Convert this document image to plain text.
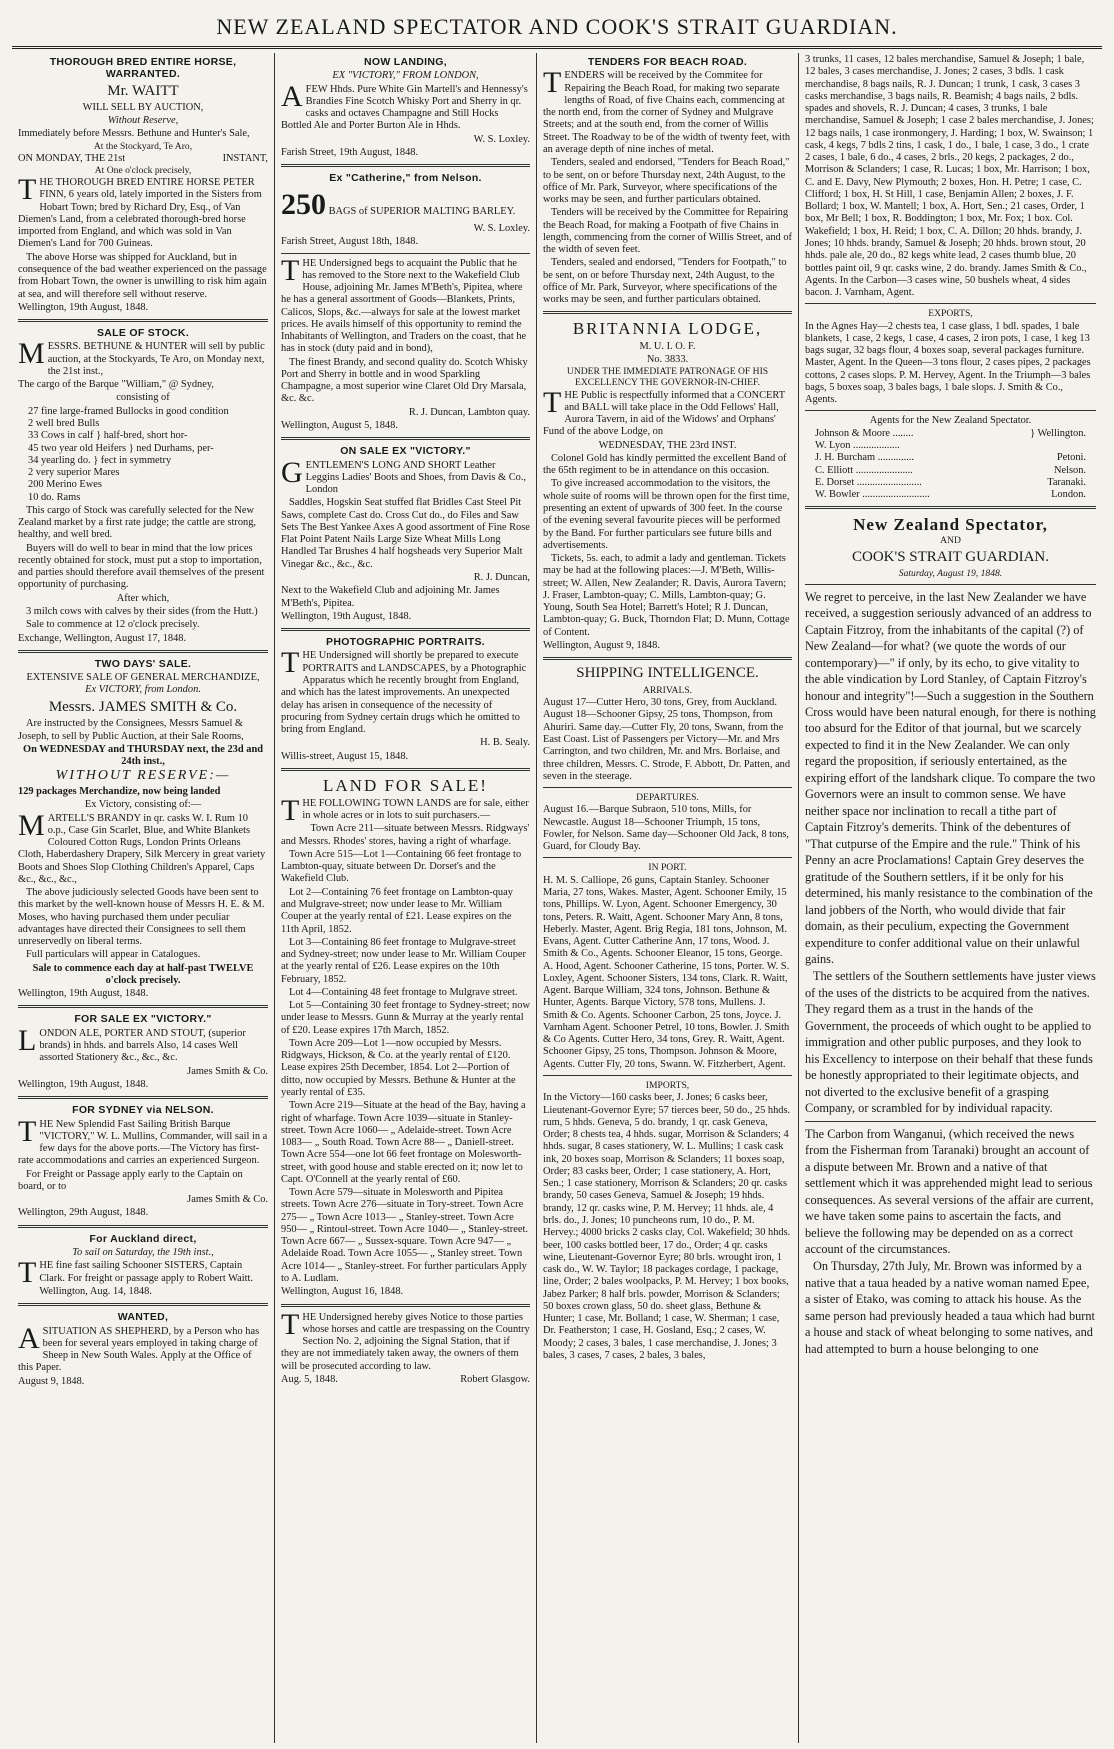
NEW ZEALAND SPECTATOR AND COOK'S STRAIT GUARDIAN.
THOROUGH BRED ENTIRE HORSE, WARRANTED.
Mr. WAITT
WILL SELL BY AUCTION,
Without Reserve,

Immediately before Messrs. Bethune and Hunter's Sale,

At the Stockyard, Te Aro,
ON MONDAY, THE 21st	INSTANT,
At One o'clock precisely,

THE THOROUGH BRED ENTIRE HORSE PETER FINN, 6 years old, lately imported in the Sisters from Hobart Town; bred by Richard Dry, Esq., of Van Diemen's Land, from a celebrated thorough-bred horse imported from England, and which was sold in Van Diemen's Land for 700 Guineas.

The above Horse was shipped for Auckland, but in consequence of the bad weather experienced on the passage from Hobart Town, the owner is unwilling to risk him again at sea, and will therefore sell without reserve.

Wellington, 19th August, 1848.

SALE OF STOCK.

MESSRS. BETHUNE & HUNTER will sell by public auction, at the Stockyards, Te Aro, on Monday next, the 21st inst.,

The cargo of the Barque "William," @ Sydney,

consisting of
27 fine large-framed Bullocks in good condition
2 well bred Bulls
33 Cows in calf } half-bred, short hor-
45 two year old Heifers } ned Durhams, per-
34 yearling do. } fect in symmetry
2 very superior Mares
200 Merino Ewes
10 do. Rams

This cargo of Stock was carefully selected for the New Zealand market by a first rate judge; the cattle are strong, healthy, and well bred.

Buyers will do well to bear in mind that the low prices recently obtained for stock, must put a stop to importation, and parties should therefore avail themselves of the present opportunity of purchasing.

After which,

3 milch cows with calves by their sides (from the Hutt.)

Sale to commence at 12 o'clock precisely.

Exchange, Wellington, August 17, 1848.

TWO DAYS' SALE.
EXTENSIVE SALE OF GENERAL MERCHANDIZE,
Ex VICTORY, from London.
Messrs. JAMES SMITH & Co.

Are instructed by the Consignees, Messrs Samuel & Joseph, to sell by Public Auction, at their Sale Rooms,

On WEDNESDAY and THURSDAY next, the 23d and 24th inst.,
WITHOUT RESERVE:—

129 packages Merchandize, now being landed

Ex Victory, consisting of:—

MARTELL'S BRANDY in qr. casks W. I. Rum 10 o.p., Case Gin Scarlet, Blue, and White Blankets Coloured Cotton Rugs, London Prints Orleans Cloth, Haberdashery Drapery, Silk Mercery in great variety Boots and Shoes Slop Clothing Children's Apparel, Caps &c., &c., &c.,

The above judiciously selected Goods have been sent to this market by the well-known house of Messrs H. E. & M. Moses, who having purchased them under peculiar advantages have directed their Consignees to sell them unreservedly on liberal terms.

Full particulars will appear in Catalogues.

Sale to commence each day at half-past TWELVE o'clock precisely.

Wellington, 19th August, 1848.

FOR SALE EX "VICTORY."

LONDON ALE, PORTER AND STOUT, (superior brands) in hhds. and barrels Also, 14 cases Well assorted Stationery &c., &c., &c.

James Smith & Co.

Wellington, 19th August, 1848.

FOR SYDNEY via NELSON.

THE New Splendid Fast Sailing British Barque "VICTORY," W. L. Mullins, Commander, will sail in a few days for the above ports.—The Victory has first-rate accommodations and carries an experienced Surgeon.

For Freight or Passage apply early to the Captain on board, or to

James Smith & Co.

Wellington, 29th August, 1848.

For Auckland direct,
To sail on Saturday, the 19th inst.,

THE fine fast sailing Schooner SISTERS, Captain Clark. For freight or passage apply to Robert Waitt.

Wellington, Aug. 14, 1848.

WANTED,

ASITUATION AS SHEPHERD, by a Person who has been for several years employed in taking charge of Sheep in New South Wales. Apply at the Office of this Paper.

August 9, 1848.

NOW LANDING,
EX "VICTORY," FROM LONDON,

AFEW Hhds. Pure White Gin Martell's and Hennessy's Brandies Fine Scotch Whisky Port and Sherry in qr. casks and octaves Champagne and Still Hocks Bottled Ale and Porter Burton Ale in Hhds.

W. S. Loxley.

Farish Street, 19th August, 1848.

Ex "Catherine," from Nelson.

250 BAGS of SUPERIOR MALTING BARLEY.

W. S. Loxley.

Farish Street, August 18th, 1848.

THE Undersigned begs to acquaint the Public that he has removed to the Store next to the Wakefield Club House, adjoining Mr. James M'Beth's, Pipitea, where he has a general assortment of Goods—Blankets, Prints, Calicos, Slops, &c.—always for sale at the lowest market prices. He avails himself of this opportunity to remind the Inhabitants of Wellington, and Traders on the coast, that he has in stock (duty paid and in bond),

The finest Brandy, and second quality do. Scotch Whisky Port and Sherry in bottle and in wood Sparkling Champagne, a most superior wine Claret Old Dry Marsala, &c. &c.

R. J. Duncan, Lambton quay.

Wellington, August 5, 1848.

ON SALE EX "VICTORY."

GENTLEMEN'S LONG AND SHORT Leather Leggins Ladies' Boots and Shoes, from Davis & Co., London

Saddles, Hogskin Seat stuffed flat Bridles Cast Steel Pit Saws, complete Cast do. Cross Cut do., do Files and Saw Sets The Best Yankee Axes A good assortment of Fine Rose Flat Point Patent Nails Large Size Wheat Mills Long Handled Tar Brushes 4 half hogsheads very Superior Malt Vinegar &c., &c., &c.

R. J. Duncan,

Next to the Wakefield Club and adjoining Mr. James M'Beth's, Pipitea.

Wellington, 19th August, 1848.

PHOTOGRAPHIC PORTRAITS.

THE Undersigned will shortly be prepared to execute PORTRAITS and LANDSCAPES, by a Photographic Apparatus which he recently brought from England, and which has the latest improvements. An unexpected delay has arisen in consequence of the necessity of procuring from Sydney certain drugs which he omitted to bring from England.

H. B. Sealy.

Willis-street, August 15, 1848.

LAND FOR SALE!

THE FOLLOWING TOWN LANDS are for sale, either in whole acres or in lots to suit purchasers.—

Town Acre 211—situate between Messrs. Ridgways' and Messrs. Rhodes' stores, having a right of wharfage.

Town Acre 515—Lot 1—Containing 66 feet frontage to Lambton-quay, situate between Dr. Dorset's and the Wakefield Club.

Lot 2—Containing 76 feet frontage on Lambton-quay and Mulgrave-street; now under lease to Mr. William Couper at the yearly rental of £21. Lease expires on the 11th April, 1852.

Lot 3—Containing 86 feet frontage to Mulgrave-street and Sydney-street; now under lease to Mr. William Couper at the yearly rental of £26. Lease expires on the 10th February, 1852.

Lot 4—Containing 48 feet frontage to Mulgrave street.

Lot 5—Containing 30 feet frontage to Sydney-street; now under lease to Messrs. Gunn & Murray at the yearly rental of £20. Lease expires 17th March, 1852.

Town Acre 209—Lot 1—now occupied by Messrs. Ridgways, Hickson, & Co. at the yearly rental of £120. Lease expires 25th December, 1854. Lot 2—Portion of ditto, now occupied by Messrs. Bethune & Hunter at the yearly rental of £35.

Town Acre 219—Situate at the head of the Bay, having a right of wharfage. Town Acre 1039—situate in Stanley-street. Town Acre 1060— „ Adelaide-street. Town Acre 1083— „ South Road. Town Acre 88— „ Daniell-street. Town Acre 554—one lot 66 feet frontage on Molesworth-street, with good house and stable erected on it; now let to Capt. O'Connell at the yearly rental of £60.

Town Acre 579—situate in Molesworth and Pipitea streets. Town Acre 276—situate in Tory-street. Town Acre 275— „ Town Acre 1013— „ Stanley-street. Town Acre 950— „ Rintoul-street. Town Acre 1040— „ Stanley-street. Town Acre 667— „ Sussex-square. Town Acre 947— „ Adelaide Road. Town Acre 1055— „ Stanley street. Town Acre 1014— „ Stanley-street. For further particulars Apply to A. Ludlam.

Wellington, August 16, 1848.

THE Undersigned hereby gives Notice to those parties whose horses and cattle are trespassing on the Country Section No. 2, adjoining the Signal Station, that if they are not immediately taken away, the owners of them will be prosecuted according to law.

Aug. 5, 1848.	Robert Glasgow.
TENDERS FOR BEACH ROAD.

TENDERS will be received by the Commitee for Repairing the Beach Road, for making two separate lengths of Road, of five Chains each, commencing at the north end, from the corner of Sydney and Mulgrave Streets; and at the south end, from the corner of Willis Street. The Roadway to be of the width of twenty feet, with an average depth of nine inches of metal.

Tenders, sealed and endorsed, "Tenders for Beach Road," to be sent, on or before Thursday next, 24th August, to the office of Mr. Park, Surveyor, where specifications of the works may be seen, and further particulars obtained.

Tenders will be received by the Committee for Repairing the Beach Road, for making a Footpath of five Chains in length, commencing from the corner of Willis Street, and of the width of seven feet.

Tenders, sealed and endorsed, "Tenders for Footpath," to be sent, on or before Thursday next, 24th August, to the office of Mr. Park, Surveyor, where specifications of the works may be seen, and further particulars obtained.

BRITANNIA LODGE,
M. U. I. O. F.
No. 3833.
UNDER THE IMMEDIATE PATRONAGE OF HIS EXCELLENCY THE GOVERNOR-IN-CHIEF.

THE Public is respectfully informed that a CONCERT and BALL will take place in the Odd Fellows' Hall, Aurora Tavern, in aid of the Widows' and Orphans' Fund of the above Lodge, on

WEDNESDAY, THE 23rd INST.

Colonel Gold has kindly permitted the excellent Band of the 65th regiment to be in attendance on this occasion.

To give increased accommodation to the visitors, the whole suite of rooms will be thrown open for the first time, presenting an extent of upwards of 300 feet. In the course of the evening several favourite pieces will be performed by the Band. For further particulars see future bills and advertisements.

Tickets, 5s. each, to admit a lady and gentleman. Tickets may be had at the following places:—J. M'Beth, Willis-street; W. Allen, New Zealander; R. Davis, Aurora Tavern; J. Fraser, Lambton-quay; C. Mills, Lambton-quay; G. Young, South Sea Hotel; Barrett's Hotel; R J. Duncan, Lambton-quay; G. Buck, Thorndon Flat; D. Munn, Cottage of Content.

Wellington, August 9, 1848.

SHIPPING INTELLIGENCE.
ARRIVALS.

August 17—Cutter Hero, 30 tons, Grey, from Auckland. August 18—Schooner Gipsy, 25 tons, Thompson, from Ahuriri. Same day.—Cutter Fly, 20 tons, Swann, from the East Coast. List of Passengers per Victory—Mr. and Mrs Carrington, and two children, Mr. and Mrs. Borlaise, and three children, Messrs. C. Strode, F. Abbott, Dr. Patten, and seven in the steerage.

DEPARTURES.

August 16.—Barque Subraon, 510 tons, Mills, for Newcastle. August 18—Schooner Triumph, 15 tons, Fowler, for Nelson. Same day—Schooner Old Jack, 8 tons, Guard, for Cloudy Bay.

IN PORT.

H. M. S. Calliope, 26 guns, Captain Stanley. Schooner Maria, 27 tons, Wakes. Master, Agent. Schooner Emily, 15 tons, Phillips. W. Lyon, Agent. Schooner Emergency, 30 tons, Peters. R. Waitt, Agent. Schooner Mary Ann, 8 tons, Heberly. Master, Agent. Brig Regia, 181 tons, Johnson, M. Evans, Agent. Cutter Catherine Ann, 17 tons, Wood. J. Smith & Co., Agents. Schooner Eleanor, 15 tons, George. A. Hood, Agent. Schooner Catherine, 15 tons, Porter. W. S. Loxley, Agent. Schooner Sisters, 134 tons, Clark. R. Waitt, Agent. Barque William, 324 tons, Johnson. Bethune & Hunter, Agents. Barque Victory, 578 tons, Mullens. J. Smith & Co. Agents. Schooner Carbon, 25 tons, Joyce. J. Varnham Agent. Schooner Petrel, 10 tons, Bowler. J. Smith & Co Agents. Cutter Hero, 34 tons, Grey. R. Waitt, Agent. Schooner Gipsy, 25 tons, Thompson. Johnson & Moore, Agents. Cutter Fly, 20 tons, Swann. W. Fitzherbert, Agent.

IMPORTS,

In the Victory—160 casks beer, J. Jones; 6 casks beer, Lieutenant-Governor Eyre; 57 tierces beer, 50 do., 25 hhds. rum, 5 hhds. Geneva, 5 do. brandy, 1 qr. cask Geneva, Order; 8 chests tea, 4 hhds. sugar, Morrison & Sclanders; 4 hhds. sugar, 8 cases stationery, W. L. Mullins; 1 cask cask ink, 20 boxes soap, Morrison & Sclanders; 11 boxes soap, Order; 83 casks beer, Order; 1 case stationery, A. Hort, Sen.; 1 case stationery, Morrison & Sclanders; 20 qr. casks brandy, 50 cases Geneva, Samuel & Joseph; 19 hhds. brandy, 12 qr. casks wine, P. M. Hervey; 11 hhds. ale, 4 brls. do., J. Jones; 10 puncheons rum, 10 do., P. M. Hervey.; 4000 bricks 2 casks clay, Col. Wakefield; 30 hhds. beer, 100 casks bottled beer, 17 do., Order; 4 qr. casks wine, Lieutenant-Governor Eyre; 80 brls. wrought iron, 1 cask do., W. W. Taylor; 18 packages cordage, 1 package, line, Order; 2 bales woolpacks, P. M. Hervey; 1 box books, Jabez Parker; 8 half brls. powder, Morrison & Sclanders; 50 boxes crown glass, 50 do. sheet glass, Bethune & Hunter; 1 case, Mr. Bolland; 1 case, W. Sherman; 1 case, Dr. Featherston; 1 case, H. Gosland, Esq.; 2 cases, W. Moody; 2 cases, 3 bales, 1 case merchandise, J. Jones; 3 bales, 3 cases, 7 cases, 2 bales, 3 bales,

3 trunks, 11 cases, 12 bales merchandise, Samuel & Joseph; 1 bale, 12 bales, 3 cases merchandise, J. Jones; 2 cases, 3 bdls. 1 cask merchandise, 8 bags nails, R. J. Duncan; 1 trunk, 1 cask, 3 cases 3 casks merchandise, 3 bags nails, R. Beamish; 4 bags nails, 2 bdls. spades and shovels, R. J. Duncan; 4 cases, 3 trunks, 1 bale merchandise, Samuel & Joseph; 1 case 2 bales merchandise, J. Jones; 12 bags nails, 1 case ironmongery, J. Harding; 1 box, W. Swainson; 1 cask, 4 kegs, 7 bdls 2 tins, 1 cask, 1 do., 1 bale, 1 case, 3 do., 1 crate 2 cases, 1 bale, 6 do., 4 cases, 2 brls., 20 kegs, 2 packages, 2 do., Morrison & Sclanders; 1 case, R. Lucas; 1 box, Mr. Harrison; 1 box, C. and E. Davy, New Plymouth; 2 boxes, Hon. H. Petre; 1 case, C. Clifford; 1 box, H. St Hill, 1 case, Benjamin Allen; 2 boxes, J. F. Bollard; 1 box, W. Mantell; 1 box, A. Hort, Sen.; 21 cases, Order, 1 box, Mr Bell; 1 box, R. Boddington; 1 box, Mr. Fox; 1 box. Col. Wakefield; 1 box, H. Reid; 1 box, C. A. Dillon; 20 hhds. brandy, J. Jones; 10 hhds. brandy, Samuel & Joseph; 20 hhds. brown stout, 20 hhds. pale ale, 20 do., 82 kegs white lead, 2 cases thumb blue, 20 bottles paint oil, 9 qr. casks wine, 2 do. brandy. James Smith & Co., Agents. In the Carbon—3 cases wine, 50 bushels wheat, 4 sides bacon. J. Varnham, Agent.

EXPORTS,

In the Agnes Hay—2 chests tea, 1 case glass, 1 bdl. spades, 1 bale blankets, 1 case, 2 kegs, 1 case, 4 cases, 2 iron pots, 1 case, 1 keg 13 bags sugar, 32 bags flour, 4 boxes soap, several packages furniture. Master, Agent. In the Queen—3 tons flour, 2 cases pipes, 2 packages cottons, 2 cases slops. P. M. Hervey, Agent. In the Triumph—3 bales bags, 5 boxes soap, 3 bales bags, 1 bale slops. J. Smith & Co., Agents.

Agents for the New Zealand Spectator.
Johnson & Moore ........	} Wellington.
W. Lyon ..................
J. H. Burcham ..............	Petoni.
C. Elliott ......................	Nelson.
E. Dorset .........................	Taranaki.
W. Bowler ..........................	London.
New Zealand Spectator,
AND
COOK'S STRAIT GUARDIAN.
Saturday, August 19, 1848.

We regret to perceive, in the last New Zealander we have received, a suggestion seriously advanced of an address to Captain Fitzroy, from the inhabitants of the capital (?) of New Zealand—for what? (we quote the words of our contemporary)—" if only, by its echo, to give vitality to the able vindication by Lord Stanley, of Captain Fitzroy's honour and integrity"!—Such a suggestion in the Southern Cross would have been natural enough, for there is nothing too absurd for the Editor of that journal, but we scarcely expected to find it in the New Zealander. We can only regard the proposition, if seriously entertained, as the expiring effort of the landshark clique. To compare the two Governors were an insult to common sense. We have neither space nor inclination to recall a tithe part of Captain Fitzroy's demerits. Think of the debentures of "That cutpurse of the Empire and the rule." Think of his Penny an acre Proclamations! Captain Grey deserves the gratitude of the Southern settlers, if it be only for his determined, his manly resistance to the combination of the land jobbers of the North, who would divide that fair domain, as their peculium, expecting the Government expenditure to confer additional value on their unlawful gains.

The settlers of the Southern settlements have juster views of the uses of the districts to be acquired from the natives. They regard them as a trust in the hands of the Government, the proceeds of which ought to be applied to immigration and other public purposes, and they look to his Excellency to interpose on their behalf that these funds be honestly appropriated to their legitimate objects, and not diverted to the exclusive benefit of a grasping Company, or scrambled for by individual rapacity.

The Carbon from Wanganui, (which received the news from the Fisherman from Taranaki) brought an account of a dispute between Mr. Brown and a native of that settlement which it was apprehended might lead to serious consequences. As several versions of the affair are current, we have taken some pains to ascertain the facts, and believe the following may be depended on as a correct account of the circumstances.

On Thursday, 27th July, Mr. Brown was informed by a native that a taua headed by a native woman named Epee, a sister of Etako, was coming to attack his house. As the same person had previously headed a taua which had burnt a house and stack of wheat belonging to some natives, and had attempted to burn a house belonging to one
